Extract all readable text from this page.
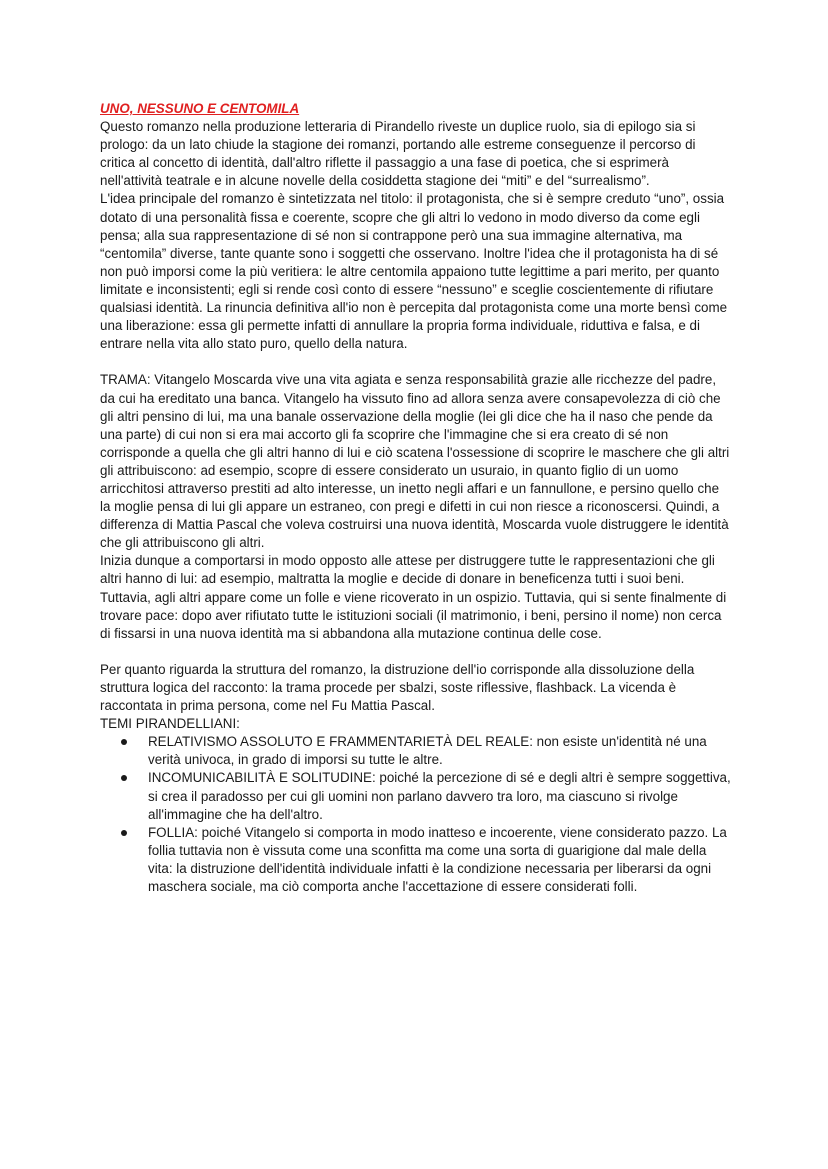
UNO, NESSUNO E CENTOMILA

Questo romanzo nella produzione letteraria di Pirandello riveste un duplice ruolo, sia di epilogo sia si prologo: da un lato chiude la stagione dei romanzi, portando alle estreme conseguenze il percorso di critica al concetto di identità, dall'altro riflette il passaggio a una fase di poetica, che si esprimerà nell'attività teatrale e in alcune novelle della cosiddetta stagione dei “miti” e del “surrealismo”.

L'idea principale del romanzo è sintetizzata nel titolo: il protagonista, che si è sempre creduto “uno”, ossia dotato di una personalità fissa e coerente, scopre che gli altri lo vedono in modo diverso da come egli pensa; alla sua rappresentazione di sé non si contrappone però una sua immagine alternativa, ma “centomila” diverse, tante quante sono i soggetti che osservano. Inoltre l'idea che il protagonista ha di sé non può imporsi come la più veritiera: le altre centomila appaiono tutte legittime a pari merito, per quanto limitate e inconsistenti; egli si rende così conto di essere “nessuno” e sceglie coscientemente di rifiutare qualsiasi identità. La rinuncia definitiva all'io non è percepita dal protagonista come una morte bensì come una liberazione: essa gli permette infatti di annullare la propria forma individuale, riduttiva e falsa, e di entrare nella vita allo stato puro, quello della natura.

TRAMA: Vitangelo Moscarda vive una vita agiata e senza responsabilità grazie alle ricchezze del padre, da cui ha ereditato una banca. Vitangelo ha vissuto fino ad allora senza avere consapevolezza di ciò che gli altri pensino di lui, ma una banale osservazione della moglie (lei gli dice che ha il naso che pende da una parte) di cui non si era mai accorto gli fa scoprire che l'immagine che si era creato di sé non corrisponde a quella che gli altri hanno di lui e ciò scatena l'ossessione di scoprire le maschere che gli altri gli attribuiscono: ad esempio, scopre di essere considerato un usuraio, in quanto figlio di un uomo arricchitosi attraverso prestiti ad alto interesse, un inetto negli affari e un fannullone, e persino quello che la moglie pensa di lui gli appare un estraneo, con pregi e difetti in cui non riesce a riconoscersi. Quindi, a differenza di Mattia Pascal che voleva costruirsi una nuova identità, Moscarda vuole distruggere le identità che gli attribuiscono gli altri.

Inizia dunque a comportarsi in modo opposto alle attese per distruggere tutte le rappresentazioni che gli altri hanno di lui: ad esempio, maltratta la moglie e decide di donare in beneficenza tutti i suoi beni. Tuttavia, agli altri appare come un folle e viene ricoverato in un ospizio. Tuttavia, qui si sente finalmente di trovare pace: dopo aver rifiutato tutte le istituzioni sociali (il matrimonio, i beni, persino il nome) non cerca di fissarsi in una nuova identità ma si abbandona alla mutazione continua delle cose.

Per quanto riguarda la struttura del romanzo, la distruzione dell'io corrisponde alla dissoluzione della struttura logica del racconto: la trama procede per sbalzi, soste riflessive, flashback. La vicenda è raccontata in prima persona, come nel Fu Mattia Pascal.

TEMI PIRANDELLIANI:

RELATIVISMO ASSOLUTO E FRAMMENTARIETÀ DEL REALE: non esiste un'identità né una verità univoca, in grado di imporsi su tutte le altre.
INCOMUNICABILITÀ E SOLITUDINE: poiché la percezione di sé e degli altri è sempre soggettiva, si crea il paradosso per cui gli uomini non parlano davvero tra loro, ma ciascuno si rivolge all'immagine che ha dell'altro.
FOLLIA: poiché Vitangelo si comporta in modo inatteso e incoerente, viene considerato pazzo. La follia tuttavia non è vissuta come una sconfitta ma come una sorta di guarigione dal male della vita: la distruzione dell'identità individuale infatti è la condizione necessaria per liberarsi da ogni maschera sociale, ma ciò comporta anche l'accettazione di essere considerati folli.
